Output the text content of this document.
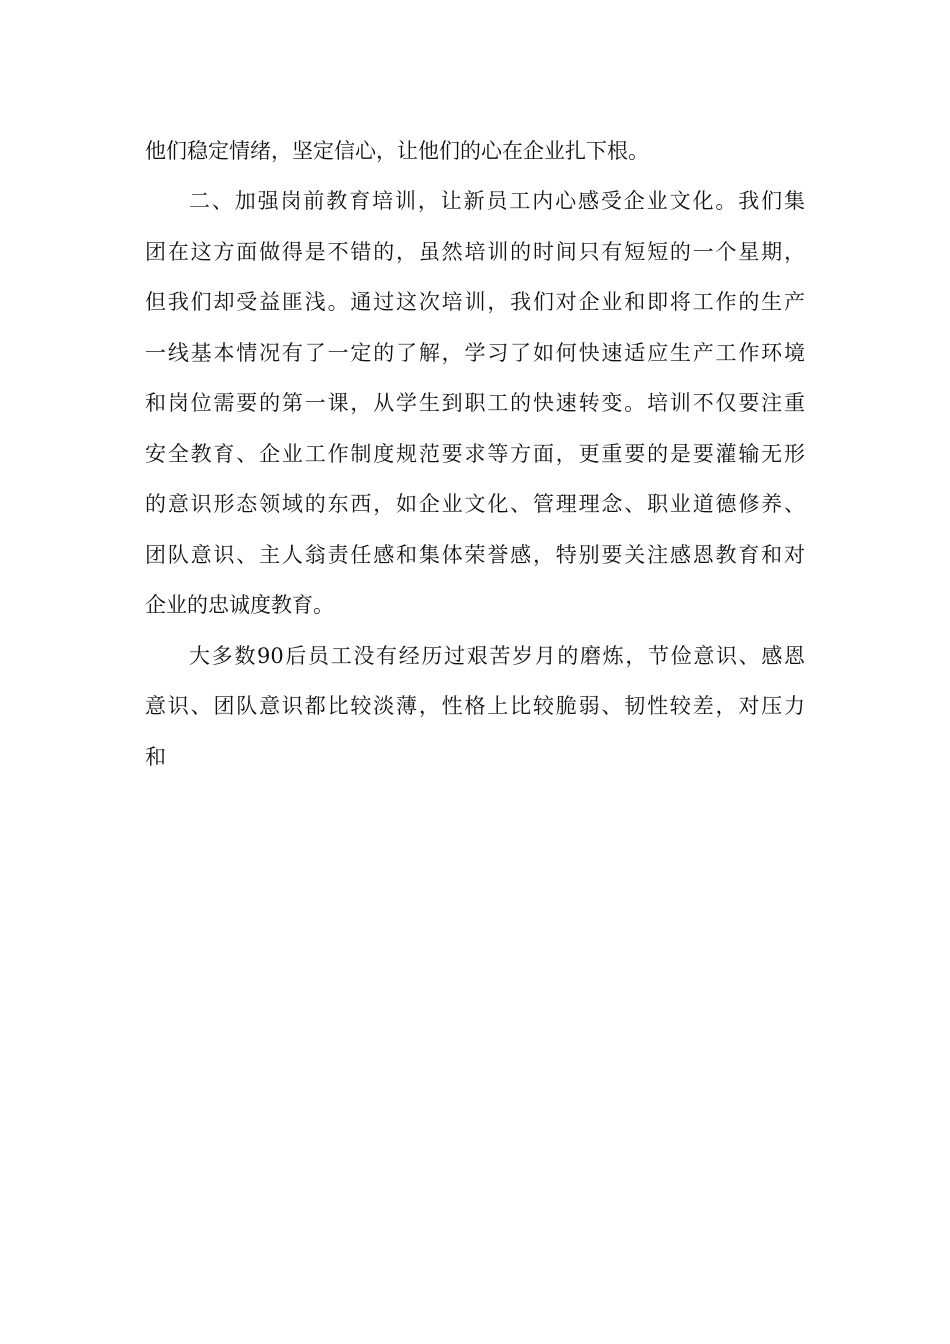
他们稳定情绪，坚定信心，让他们的心在企业扎下根。
二、加强岗前教育培训，让新员工内心感受企业文化。我们集
团在这方面做得是不错的，虽然培训的时间只有短短的一个星期，
但我们却受益匪浅。通过这次培训，我们对企业和即将工作的生产
一线基本情况有了一定的了解，学习了如何快速适应生产工作环境
和岗位需要的第一课，从学生到职工的快速转变。培训不仅要注重
安全教育、企业工作制度规范要求等方面，更重要的是要灌输无形
的意识形态领域的东西，如企业文化、管理理念、职业道德修养、
团队意识、主人翁责任感和集体荣誉感，特别要关注感恩教育和对
企业的忠诚度教育。
大多数90后员工没有经历过艰苦岁月的磨炼，节俭意识、感恩
意识、团队意识都比较淡薄，性格上比较脆弱、韧性较差，对压力
和
